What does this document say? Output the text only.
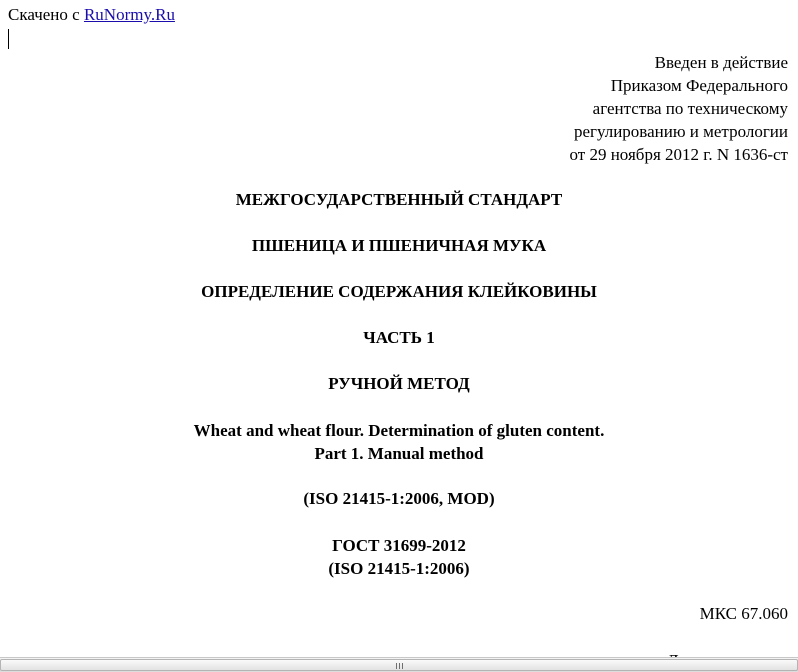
Скачено с RuNormy.Ru
Введен в действие
Приказом Федерального
агентства по техническому
регулированию и метрологии
от 29 ноября 2012 г. N 1636-ст
МЕЖГОСУДАРСТВЕННЫЙ СТАНДАРТ
ПШЕНИЦА И ПШЕНИЧНАЯ МУКА
ОПРЕДЕЛЕНИЕ СОДЕРЖАНИЯ КЛЕЙКОВИНЫ
ЧАСТЬ 1
РУЧНОЙ МЕТОД
Wheat and wheat flour. Determination of gluten content.
Part 1. Manual method
(ISO 21415-1:2006, MOD)
ГОСТ 31699-2012
(ISO 21415-1:2006)
МКС 67.060
